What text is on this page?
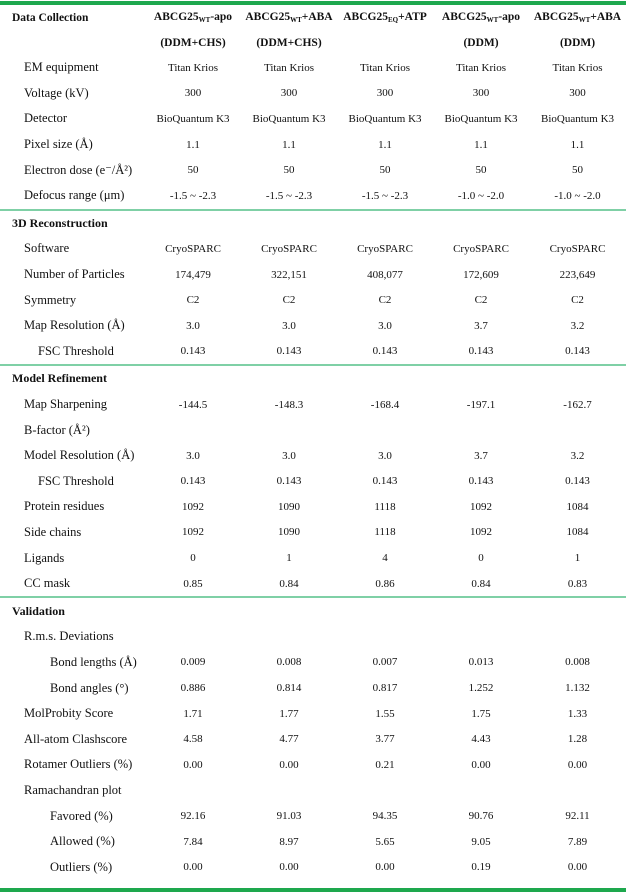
Data Collection	$ABCG25_{WT}$-apo	$ABCG25_{WT}+ABA$	$ABCG25_{EQ}+ATP$	$ABCG25_{WT}$-apo	$ABCG25_{WT}+ABA$
	(DDM+CHS)	(DDM+CHS)		(DDM)	(DDM)
EM equipment	Titan Krios	Titan Krios	Titan Krios	Titan Krios	Titan Krios
Voltage (kV)	300	300	300	300	300
Detector	BioQuantum K3	BioQuantum K3	BioQuantum K3	BioQuantum K3	BioQuantum K3
Pixel size (Å)	1.1	1.1	1.1	1.1	1.1
Electron dose (e⁻/Å²)	50	50	50	50	50
Defocus range (μm)	-1.5 ~ -2.3	-1.5 ~ -2.3	-1.5 ~ -2.3	-1.0 ~ -2.0	-1.0 ~ -2.0
3D Reconstruction					
Software	CryoSPARC	CryoSPARC	CryoSPARC	CryoSPARC	CryoSPARC
Number of Particles	174,479	322,151	408,077	172,609	223,649
Symmetry	C2	C2	C2	C2	C2
Map Resolution (Å)	3.0	3.0	3.0	3.7	3.2
FSC Threshold	0.143	0.143	0.143	0.143	0.143
Model Refinement					
Map Sharpening	-144.5	-148.3	-168.4	-197.1	-162.7
B-factor (Å²)					
Model Resolution (Å)	3.0	3.0	3.0	3.7	3.2
FSC Threshold	0.143	0.143	0.143	0.143	0.143
Protein residues	1092	1090	1118	1092	1084
Side chains	1092	1090	1118	1092	1084
Ligands	0	1	4	0	1
CC mask	0.85	0.84	0.86	0.84	0.83
Validation					
R.m.s. Deviations					
Bond lengths (Å)	0.009	0.008	0.007	0.013	0.008
Bond angles (°)	0.886	0.814	0.817	1.252	1.132
MolProbity Score	1.71	1.77	1.55	1.75	1.33
All-atom Clashscore	4.58	4.77	3.77	4.43	1.28
Rotamer Outliers (%)	0.00	0.00	0.21	0.00	0.00
Ramachandran plot					
Favored (%)	92.16	91.03	94.35	90.76	92.11
Allowed (%)	7.84	8.97	5.65	9.05	7.89
Outliers (%)	0.00	0.00	0.00	0.19	0.00
